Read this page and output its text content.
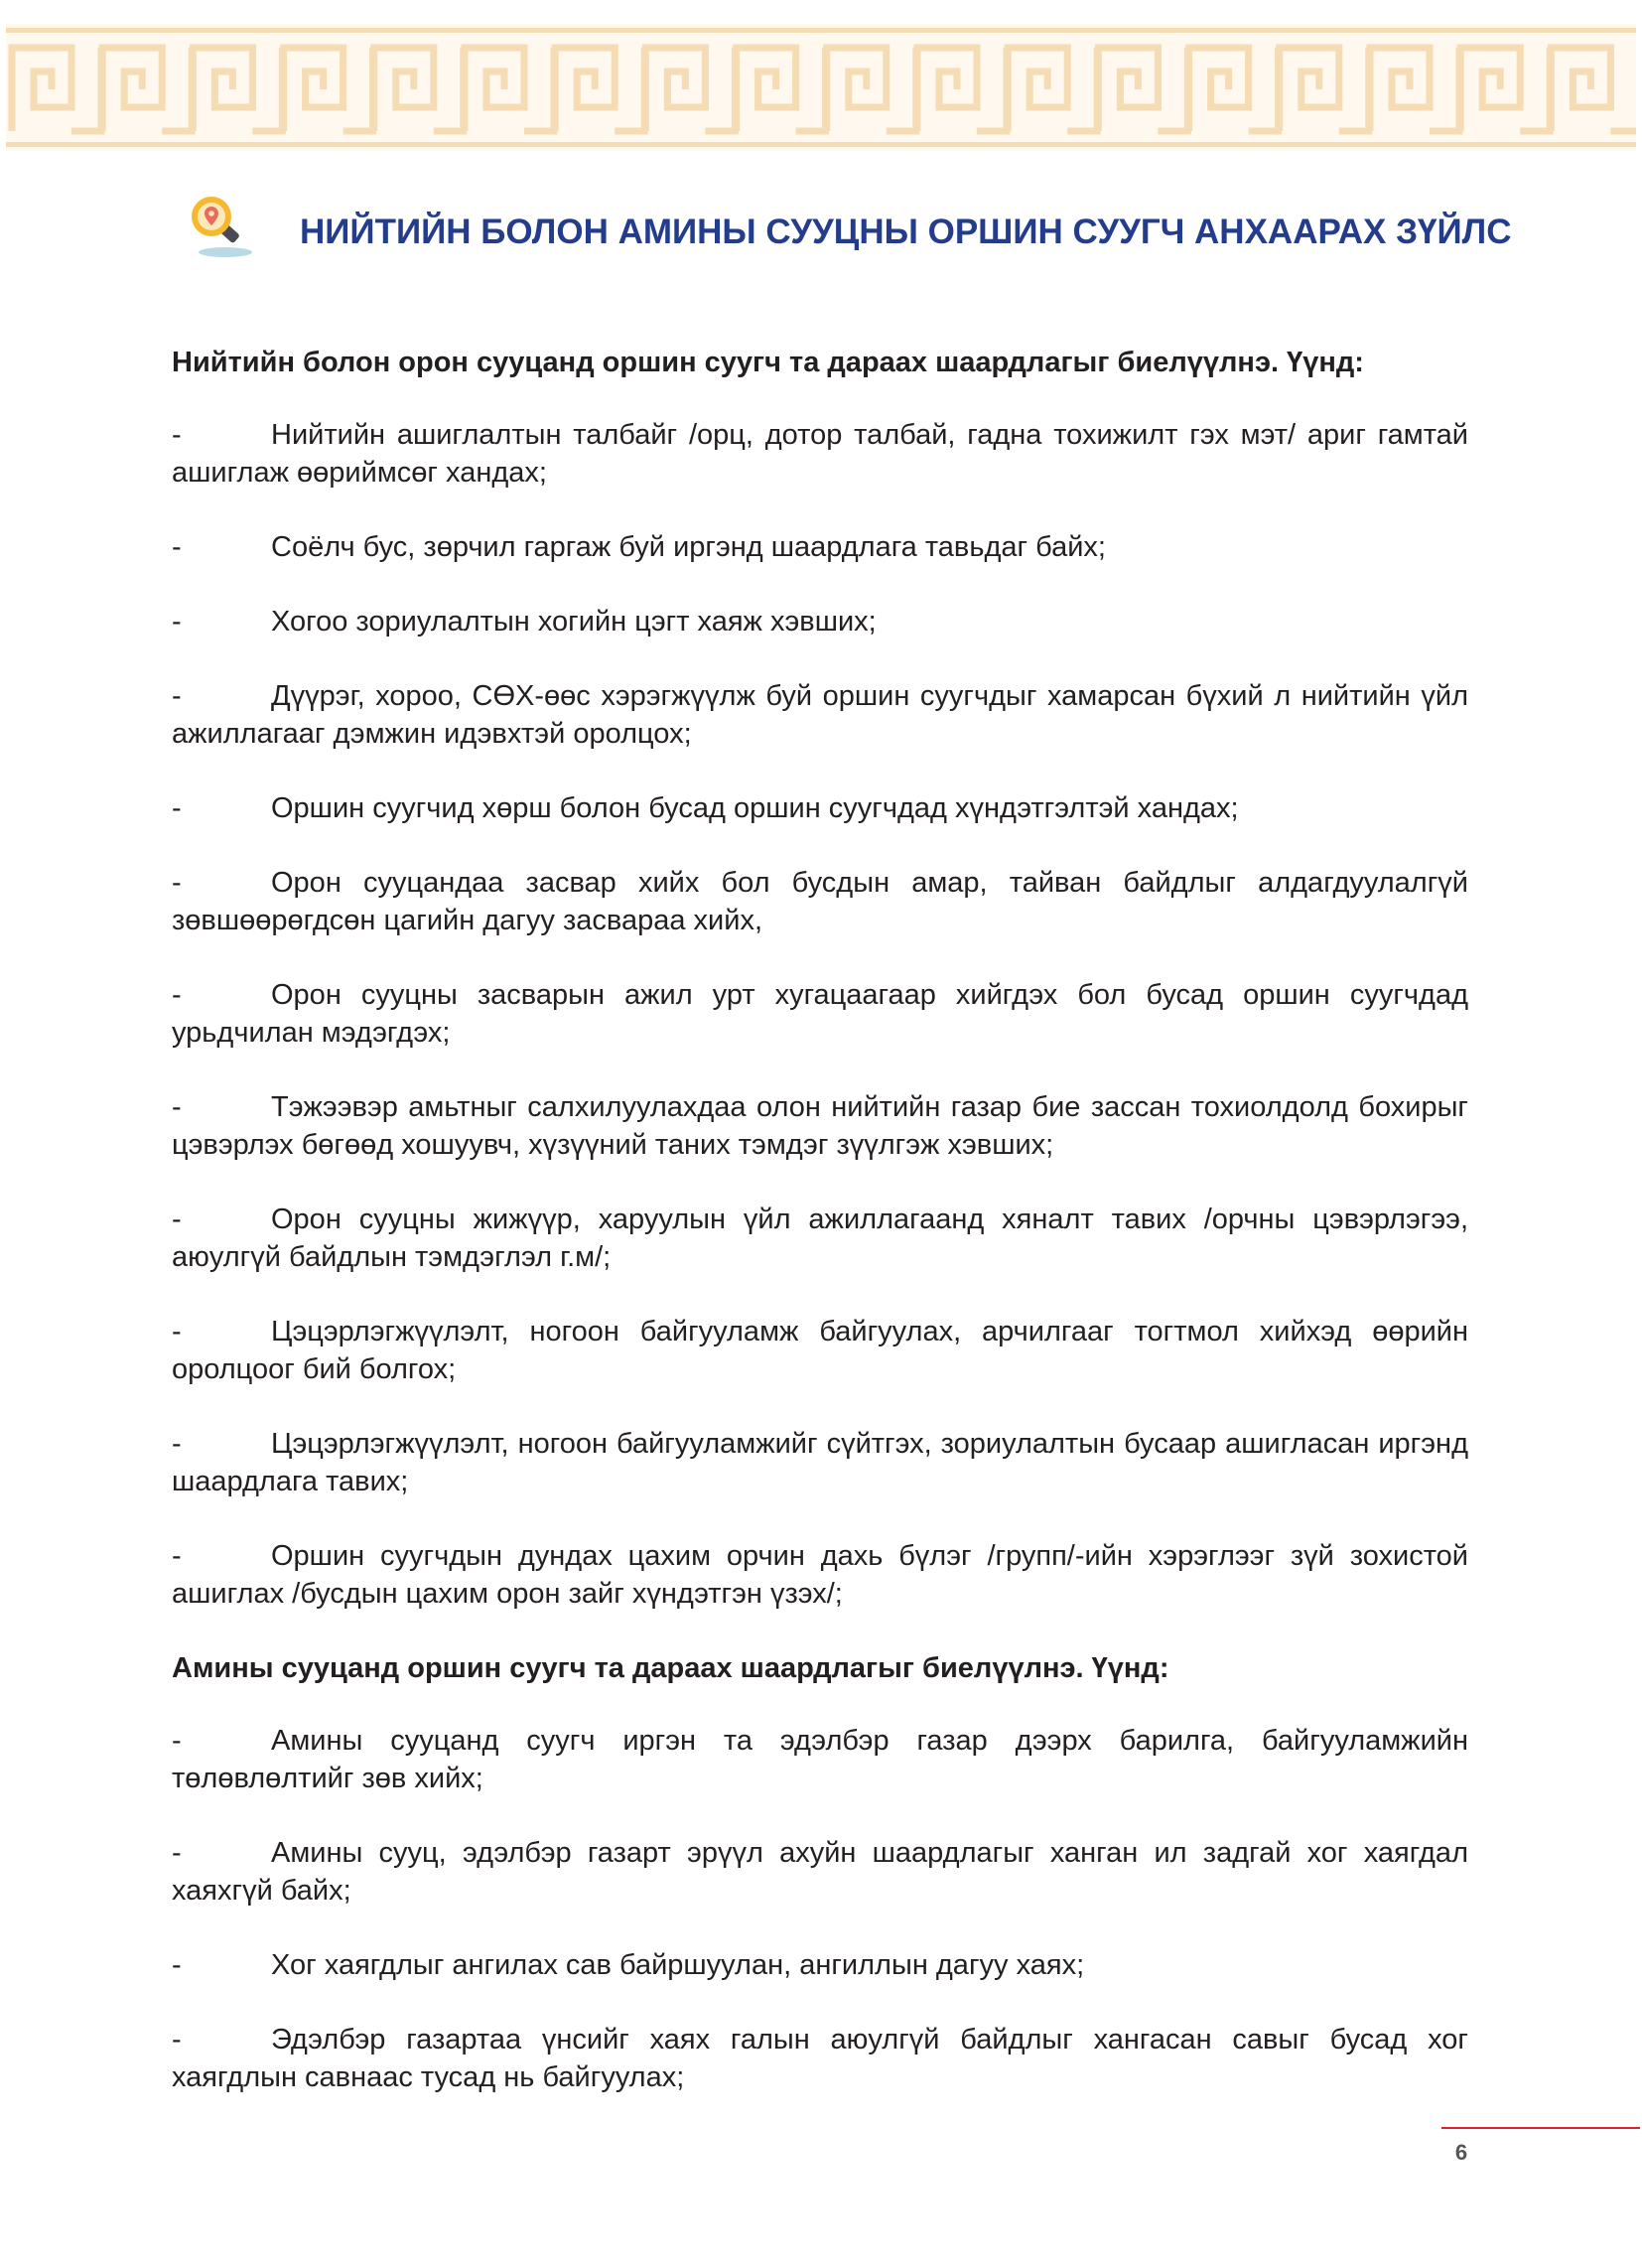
НИЙТИЙН БОЛОН АМИНЫ СУУЦНЫ ОРШИН СУУГЧ АНХААРАХ ЗҮЙЛС

Нийтийн болон орон сууцанд оршин суугч та дараах шаардлагыг биелүүлнэ. Үүнд:

-	Нийтийн ашиглалтын талбайг /орц, дотор талбай, гадна тохижилт гэх мэт/ ариг гамтай ашиглаж өөриймсөг хандах;

-	Соёлч бус, зөрчил гаргаж буй иргэнд шаардлага тавьдаг байх;

-	Хогоо зориулалтын хогийн цэгт хаяж хэвших;

-	Дүүрэг, хороо, СӨХ-өөс хэрэгжүүлж буй оршин суугчдыг хамарсан бүхий л нийтийн үйл ажиллагааг дэмжин идэвхтэй оролцох;

-	Оршин суугчид хөрш болон бусад оршин суугчдад хүндэтгэлтэй хандах;

-	Орон сууцандаа засвар хийх бол бусдын амар, тайван байдлыг алдагдуулалгүй зөвшөөрөгдсөн цагийн дагуу засвараа хийх,

-	Орон сууцны засварын ажил урт хугацаагаар хийгдэх бол бусад оршин суугчдад урьдчилан мэдэгдэх;

-	Тэжээвэр амьтныг салхилуулахдаа олон нийтийн газар бие зассан тохиолдолд бохирыг цэвэрлэх бөгөөд хошуувч, хүзүүний таних тэмдэг зүүлгэж хэвших;

-	Орон сууцны жижүүр, харуулын үйл ажиллагаанд хяналт тавих /орчны цэвэрлэгээ, аюулгүй байдлын тэмдэглэл г.м/;

-	Цэцэрлэгжүүлэлт, ногоон байгууламж байгуулах, арчилгааг тогтмол хийхэд өөрийн оролцоог бий болгох;

-	Цэцэрлэгжүүлэлт, ногоон байгууламжийг сүйтгэх, зориулалтын бусаар ашигласан иргэнд шаардлага тавих;

-	Оршин суугчдын дундах цахим орчин дахь бүлэг /групп/-ийн хэрэглээг зүй зохистой ашиглах /бусдын цахим орон зайг хүндэтгэн үзэх/;

Амины сууцанд оршин суугч та дараах шаардлагыг биелүүлнэ. Үүнд:

-	Амины сууцанд суугч иргэн та эдэлбэр газар дээрх барилга, байгууламжийн төлөвлөлтийг зөв хийх;

-	Амины сууц, эдэлбэр газарт эрүүл ахуйн шаардлагыг ханган ил задгай хог хаягдал хаяхгүй байх;

-	Хог хаягдлыг ангилах сав байршуулан, ангиллын дагуу хаях;

-	Эдэлбэр газартаа үнсийг хаях галын аюулгүй байдлыг хангасан савыг бусад хог хаягдлын савнаас тусад нь байгуулах;

6
